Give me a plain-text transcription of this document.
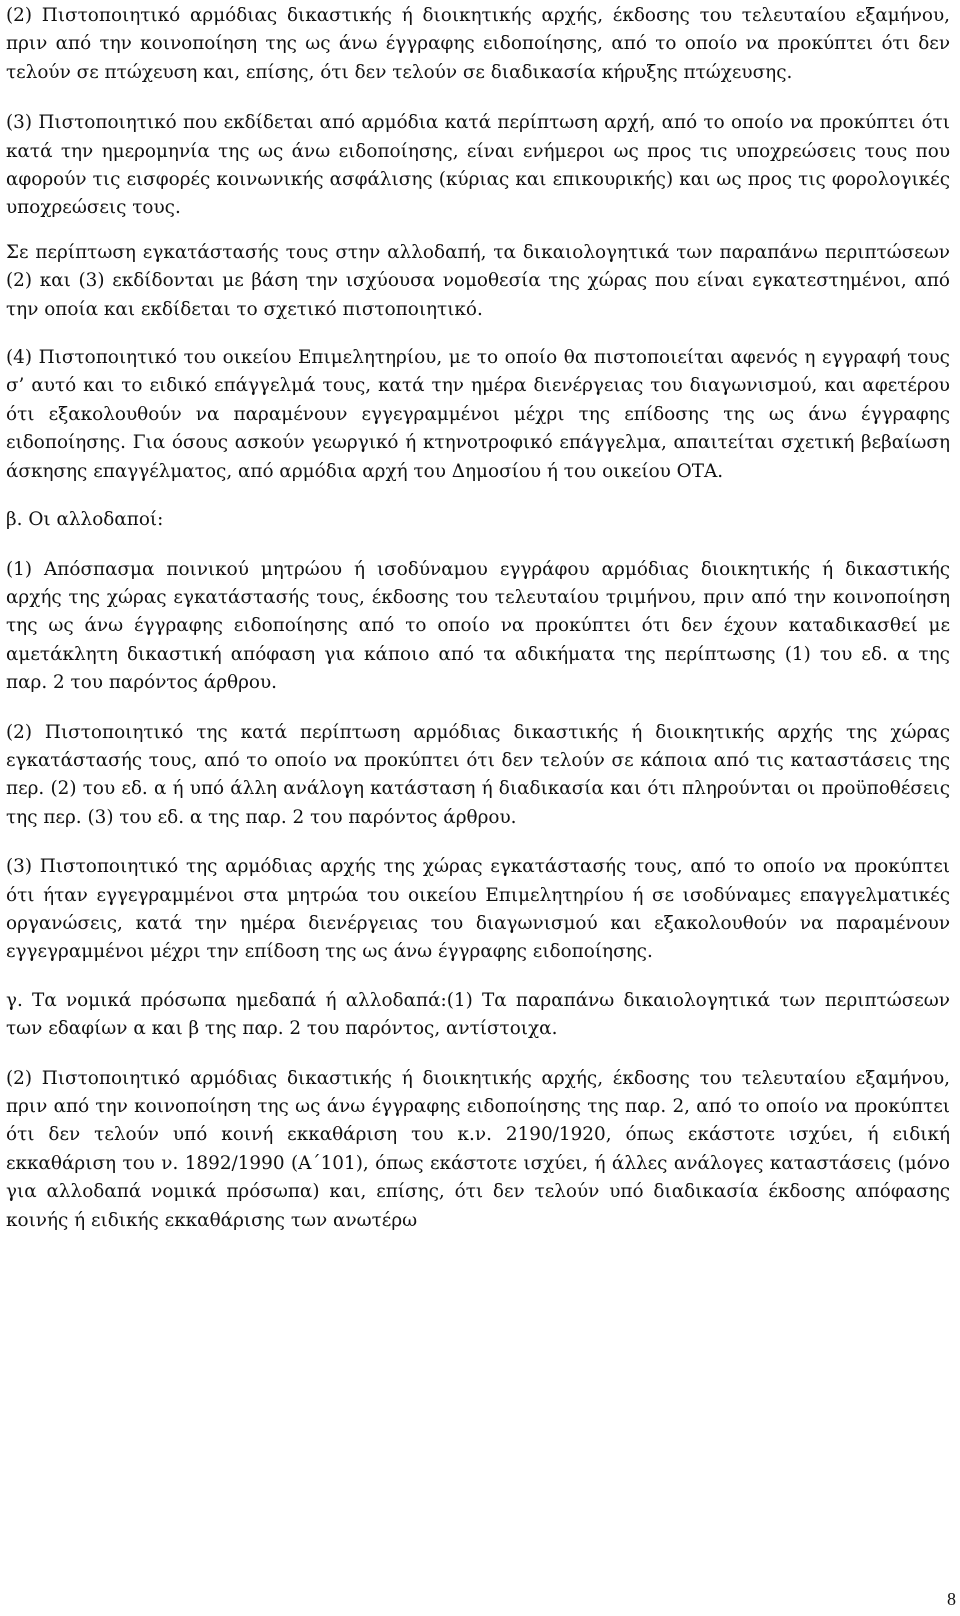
(2) Πιστοποιητικό αρμόδιας δικαστικής ή διοικητικής αρχής, έκδοσης του τελευταίου εξαμήνου, πριν από την κοινοποίηση της ως άνω έγγραφης ειδοποίησης, από το οποίο να προκύπτει ότι δεν τελούν σε πτώχευση και, επίσης, ότι δεν τελούν σε διαδικασία κήρυξης πτώχευσης.

(3) Πιστοποιητικό που εκδίδεται από αρμόδια κατά περίπτωση αρχή, από το οποίο να προκύπτει ότι κατά την ημερομηνία της ως άνω ειδοποίησης, είναι ενήμεροι ως προς τις υποχρεώσεις τους που αφορούν τις εισφορές κοινωνικής ασφάλισης (κύριας και επικουρικής) και ως προς τις φορολογικές υποχρεώσεις τους.

Σε περίπτωση εγκατάστασής τους στην αλλοδαπή, τα δικαιολογητικά των παραπάνω περιπτώσεων (2) και (3) εκδίδονται με βάση την ισχύουσα νομοθεσία της χώρας που είναι εγκατεστημένοι, από την οποία και εκδίδεται το σχετικό πιστοποιητικό.

(4) Πιστοποιητικό του οικείου Επιμελητηρίου, με το οποίο θα πιστοποιείται αφενός η εγγραφή τους σ’ αυτό και το ειδικό επάγγελμά τους, κατά την ημέρα διενέργειας του διαγωνισμού, και αφετέρου ότι εξακολουθούν να παραμένουν εγγεγραμμένοι μέχρι της επίδοσης της ως άνω έγγραφης ειδοποίησης. Για όσους ασκούν γεωργικό ή κτηνοτροφικό επάγγελμα, απαιτείται σχετική βεβαίωση άσκησης επαγγέλματος, από αρμόδια αρχή του Δημοσίου ή του οικείου ΟΤΑ.

β. Οι αλλοδαποί:

(1) Απόσπασμα ποινικού μητρώου ή ισοδύναμου εγγράφου αρμόδιας διοικητικής ή δικαστικής αρχής της χώρας εγκατάστασής τους, έκδοσης του τελευταίου τριμήνου, πριν από την κοινοποίηση της ως άνω έγγραφης ειδοποίησης από το οποίο να προκύπτει ότι δεν έχουν καταδικασθεί με αμετάκλητη δικαστική απόφαση για κάποιο από τα αδικήματα της περίπτωσης (1) του εδ. α της παρ. 2 του παρόντος άρθρου.

(2) Πιστοποιητικό της κατά περίπτωση αρμόδιας δικαστικής ή διοικητικής αρχής της χώρας εγκατάστασής τους, από το οποίο να προκύπτει ότι δεν τελούν σε κάποια από τις καταστάσεις της περ. (2) του εδ. α ή υπό άλλη ανάλογη κατάσταση ή διαδικασία και ότι πληρούνται οι προϋποθέσεις της περ. (3) του εδ. α της παρ. 2 του παρόντος άρθρου.

(3) Πιστοποιητικό της αρμόδιας αρχής της χώρας εγκατάστασής τους, από το οποίο να προκύπτει ότι ήταν εγγεγραμμένοι στα μητρώα του οικείου Επιμελητηρίου ή σε ισοδύναμες επαγγελματικές οργανώσεις, κατά την ημέρα διενέργειας του διαγωνισμού και εξακολουθούν να παραμένουν εγγεγραμμένοι μέχρι την επίδοση της ως άνω έγγραφης ειδοποίησης.

γ. Τα νομικά πρόσωπα ημεδαπά ή αλλοδαπά:(1) Τα παραπάνω δικαιολογητικά των περιπτώσεων των εδαφίων α και β της παρ. 2 του παρόντος, αντίστοιχα.

(2) Πιστοποιητικό αρμόδιας δικαστικής ή διοικητικής αρχής, έκδοσης του τελευταίου εξαμήνου, πριν από την κοινοποίηση της ως άνω έγγραφης ειδοποίησης της παρ. 2, από το οποίο να προκύπτει ότι δεν τελούν υπό κοινή εκκαθάριση του κ.ν. 2190/1920, όπως εκάστοτε ισχύει, ή ειδική εκκαθάριση του ν. 1892/1990 (Α΄101), όπως εκάστοτε ισχύει, ή άλλες ανάλογες καταστάσεις (μόνο για αλλοδαπά νομικά πρόσωπα) και, επίσης, ότι δεν τελούν υπό διαδικασία έκδοσης απόφασης κοινής ή ειδικής εκκαθάρισης των ανωτέρω

8
